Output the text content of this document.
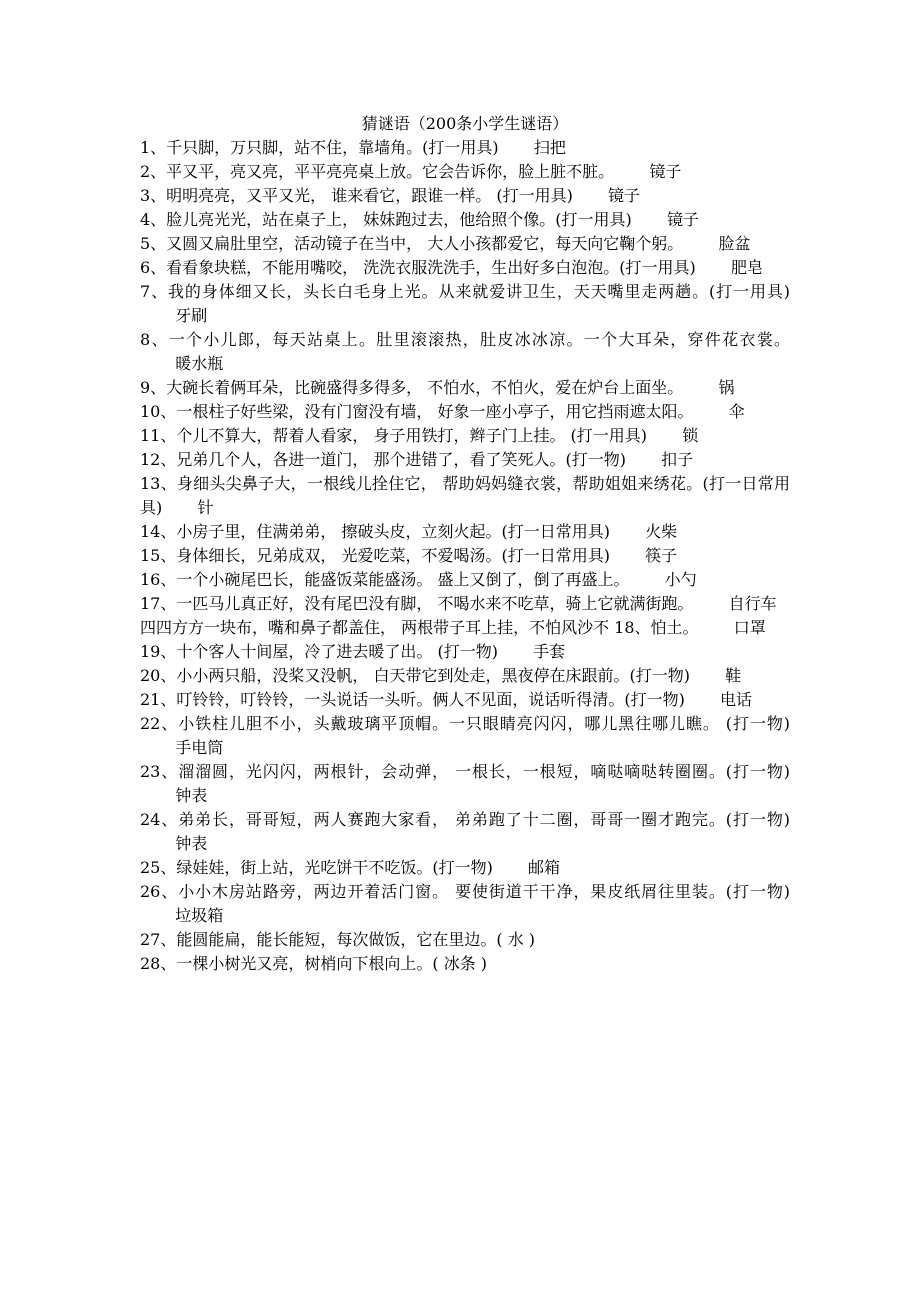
猜谜语（200条小学生谜语）
1、千只脚，万只脚，站不住，靠墙角。(打一用具) 扫把
2、平又平，亮又亮，平平亮亮桌上放。它会告诉你，脸上脏不脏。 镜子
3、明明亮亮，又平又光， 谁来看它，跟谁一样。 (打一用具) 镜子
4、脸儿亮光光，站在桌子上， 妹妹跑过去，他给照个像。(打一用具) 镜子
5、又圆又扁肚里空，活动镜子在当中， 大人小孩都爱它，每天向它鞠个躬。 脸盆
6、看看象块糕，不能用嘴咬， 洗洗衣服洗洗手，生出好多白泡泡。(打一用具) 肥皂
7、我的身体细又长，头长白毛身上光。从来就爱讲卫生，天天嘴里走两趟。(打一用具)牙刷
8、一个小儿郎，每天站桌上。肚里滚滚热，肚皮冰冰凉。一个大耳朵，穿件花衣裳。暖水瓶
9、大碗长着俩耳朵，比碗盛得多得多， 不怕水，不怕火，爱在炉台上面坐。 锅
10、一根柱子好些梁，没有门窗没有墙， 好象一座小亭子，用它挡雨遮太阳。 伞
11、个儿不算大，帮着人看家， 身子用铁打，辫子门上挂。 (打一用具) 锁
12、兄弟几个人，各进一道门， 那个进错了，看了笑死人。(打一物) 扣子
13、身细头尖鼻子大，一根线儿拴住它， 帮助妈妈缝衣裳，帮助姐姐来绣花。(打一日常用具) 针
14、小房子里，住满弟弟， 擦破头皮，立刻火起。(打一日常用具) 火柴
15、身体细长，兄弟成双， 光爱吃菜，不爱喝汤。(打一日常用具) 筷子
16、一个小碗尾巴长，能盛饭菜能盛汤。 盛上又倒了，倒了再盛上。 小勺
17、一匹马儿真正好，没有尾巴没有脚， 不喝水来不吃草，骑上它就满街跑。 自行车
四四方方一块布，嘴和鼻子都盖住， 两根带子耳上挂，不怕风沙不 18、怕土。 口罩
19、十个客人十间屋，冷了进去暖了出。 (打一物) 手套
20、小小两只船，没桨又没帆， 白天带它到处走，黑夜停在床跟前。(打一物) 鞋
21、叮铃铃，叮铃铃，一头说话一头听。俩人不见面，说话听得清。(打一物) 电话
22、小铁柱儿胆不小，头戴玻璃平顶帽。一只眼睛亮闪闪，哪儿黑往哪儿瞧。 (打一物)手电筒
23、溜溜圆，光闪闪，两根针，会动弹， 一根长，一根短，嘀哒嘀哒转圈圈。(打一物)钟表
24、弟弟长，哥哥短，两人赛跑大家看， 弟弟跑了十二圈，哥哥一圈才跑完。(打一物)钟表
25、绿娃娃，街上站，光吃饼干不吃饭。(打一物) 邮箱
26、小小木房站路旁，两边开着活门窗。 要使街道干干净，果皮纸屑往里装。(打一物)垃圾箱
27、能圆能扁，能长能短，每次做饭，它在里边。( 水 )
28、一棵小树光又亮，树梢向下根向上。( 冰条 )
